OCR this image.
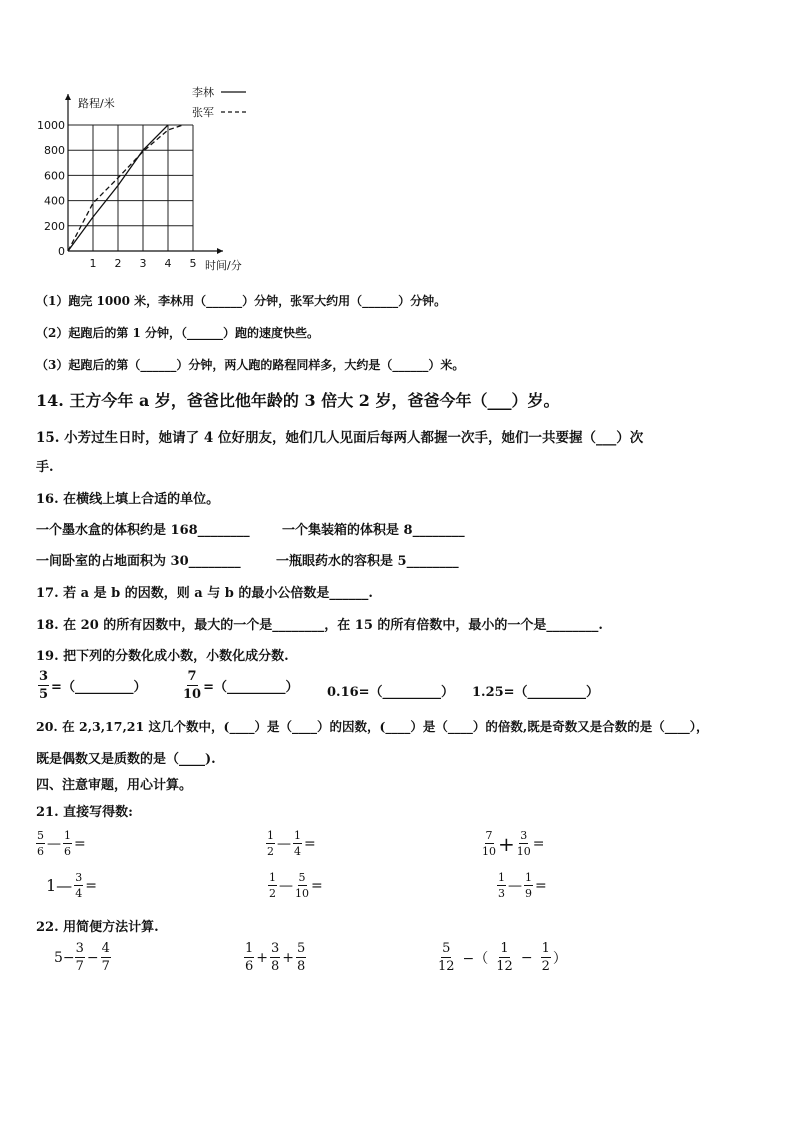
1 2 3 4 5
0
200
400
600
800
1000
路程/米
时间/分
李林
张军
（1）跑完 1000 米，李林用（______）分钟，张军大约用（______）分钟。
（2）起跑后的第 1 分钟，（______）跑的速度快些。
（3）起跑后的第（______）分钟，两人跑的路程同样多，大约是（______）米。
14. 王方今年 a 岁，爸爸比他年龄的 3 倍大 2 岁，爸爸今年（___）岁。
15. 小芳过生日时，她请了 4 位好朋友，她们几人见面后每两人都握一次手，她们一共要握（___）次
手.
16. 在横线上填上合适的单位。
一个墨水盒的体积约是 168________ 一个集装箱的体积是 8________
一间卧室的占地面积为 30________	一瓶眼药水的容积是 5________
17. 若 a 是 b 的因数，则 a 与 b 的最小公倍数是______.
18. 在 20 的所有因数中，最大的一个是________，在 15 的所有倍数中，最小的一个是________.
19. 把下列的分数化成小数，小数化成分数.
$\frac{3}{5}$ =（_________）	$\frac{7}{10}$ =（_________） 0.16=（_________） 1.25=（_________）
20. 在 2,3,17,21 这几个数中，(____）是（____）的因数，(____）是（____）的倍数,既是奇数又是合数的是（____），
既是偶数又是质数的是（____).
四、注意审题，用心计算。
21. 直接写得数:
$\frac{5}{6}$ — $\frac{1}{6}$ =	$\frac{1}{2}$ — $\frac{1}{4}$ =	$\frac{7}{10} + \frac{3}{10}$ =
1— $\frac{3}{4}$ =	$\frac{1}{2}$ — $\frac{5}{10}$ =	$\frac{1}{3}$ — $\frac{1}{9}$ =
22. 用简便方法计算.
$5- \frac{3}{7} - \frac{4}{7}$	$\frac{1}{6} + \frac{3}{8} + \frac{5}{8}$	$\frac{5}{12}$ −（ $\frac{1}{12} - \frac{1}{2}$ ）
